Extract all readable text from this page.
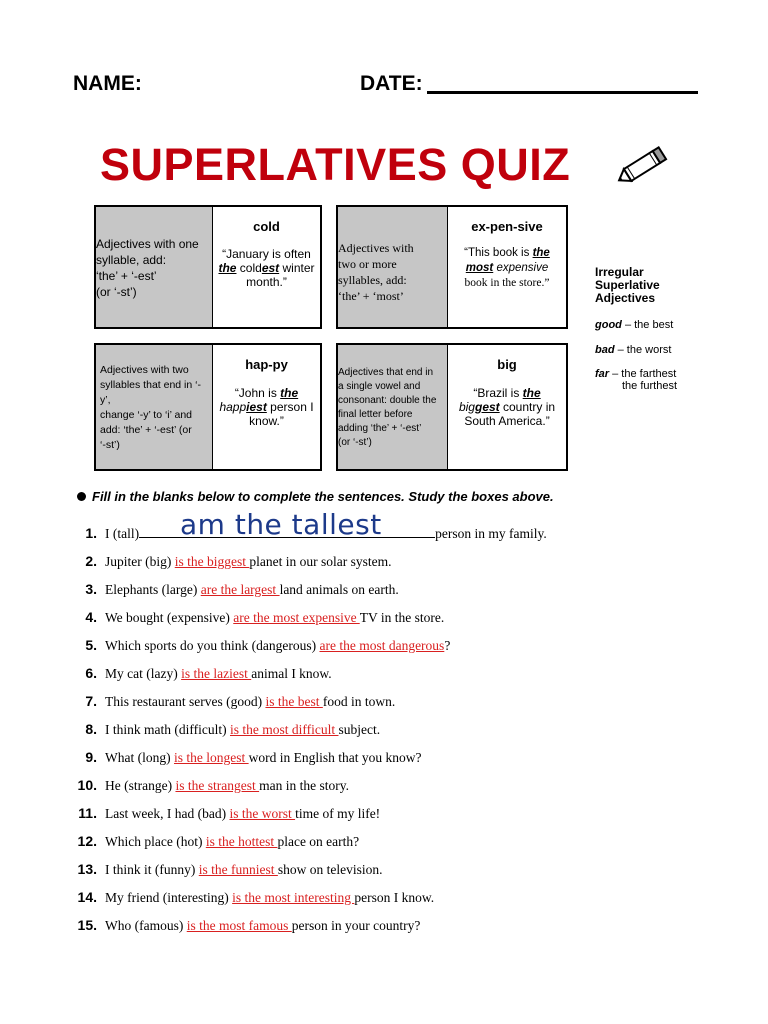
NAME:	DATE:
SUPERLATIVES QUIZ
Adjectives with one
syllable, add:
‘the’ + ‘-est’
(or ‘-st’)
cold
“January is often
the coldest winter month.”
Adjectives with
two or more
syllables, add:
‘the’ + ‘most’
ex-pen-sive
“This book is the
most expensive
book in the store.”
Adjectives with two
syllables that end in ‘-
y’,
change ‘-y’ to ‘i’ and
add: ‘the’ + ‘-est’ (or
‘-st’)
hap-py
“John is the
happiest person I know.”
Adjectives that end in
a single vowel and
consonant: double the
final letter before
adding ‘the’ + ‘-est’
(or ‘-st’)
big
“Brazil is the
biggest country in South America.”
Irregular
Superlative
Adjectives
good – the best
bad – the worst
far – the farthest
the furthest
Fill in the blanks below to complete the sentences. Study the boxes above.
am the tallest
1. I (tall)	person in my family.
2. Jupiter (big) is the biggest planet in our solar system.
3. Elephants (large) are the largest land animals on earth.
4. We bought (expensive) are the most expensive TV in the store.
5. Which sports do you think (dangerous) are the most dangerous?
6. My cat (lazy) is the laziest animal I know.
7. This restaurant serves (good) is the best food in town.
8. I think math (difficult) is the most difficult subject.
9. What (long) is the longest word in English that you know?
10. He (strange) is the strangest man in the story.
11. Last week, I had (bad) is the worst time of my life!
12. Which place (hot) is the hottest place on earth?
13. I think it (funny) is the funniest show on television.
14. My friend (interesting) is the most interesting person I know.
15. Who (famous) is the most famous person in your country?
